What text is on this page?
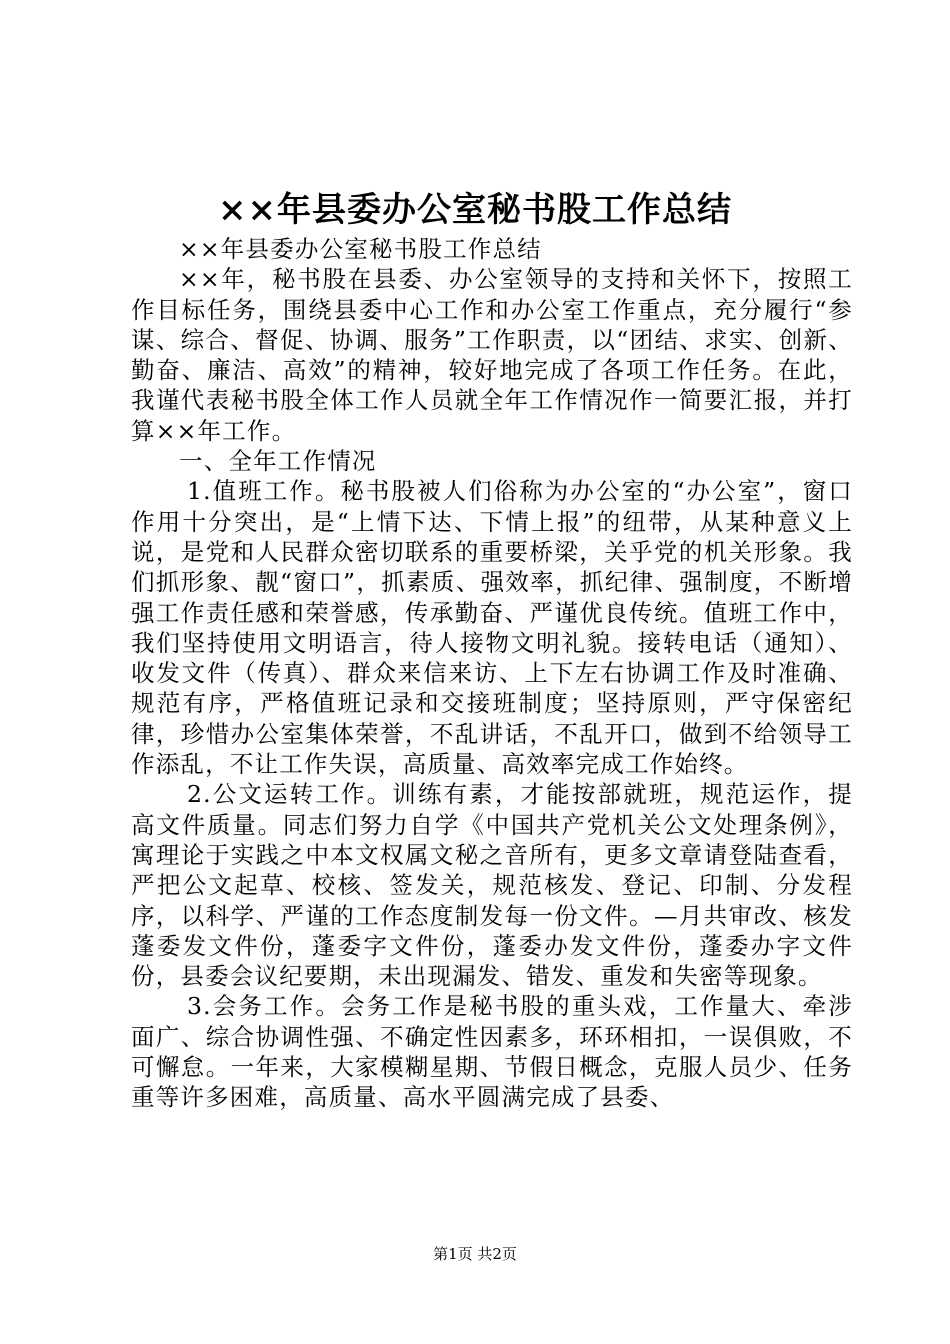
××年县委办公室秘书股工作总结

××年县委办公室秘书股工作总结

××年，秘书股在县委、办公室领导的支持和关怀下，按照工作目标任务，围绕县委中心工作和办公室工作重点，充分履行“参谋、综合、督促、协调、服务”工作职责，以“团结、求实、创新、勤奋、廉洁、高效”的精神，较好地完成了各项工作任务。在此，我谨代表秘书股全体工作人员就全年工作情况作一简要汇报，并打算××年工作。

一、全年工作情况

1.值班工作。秘书股被人们俗称为办公室的“办公室”，窗口作用十分突出，是“上情下达、下情上报”的纽带，从某种意义上说，是党和人民群众密切联系的重要桥梁，关乎党的机关形象。我们抓形象、靓“窗口”，抓素质、强效率，抓纪律、强制度，不断增强工作责任感和荣誉感，传承勤奋、严谨优良传统。值班工作中，我们坚持使用文明语言，待人接物文明礼貌。接转电话（通知）、收发文件（传真）、群众来信来访、上下左右协调工作及时准确、规范有序，严格值班记录和交接班制度；坚持原则，严守保密纪律，珍惜办公室集体荣誉，不乱讲话，不乱开口，做到不给领导工作添乱，不让工作失误，高质量、高效率完成工作始终。

2.公文运转工作。训练有素，才能按部就班，规范运作，提高文件质量。同志们努力自学《中国共产党机关公文处理条例》，寓理论于实践之中本文权属文秘之音所有，更多文章请登陆查看，严把公文起草、校核、签发关，规范核发、登记、印制、分发程序，以科学、严谨的工作态度制发每一份文件。—月共审改、核发蓬委发文件份，蓬委字文件份，蓬委办发文件份，蓬委办字文件份，县委会议纪要期，未出现漏发、错发、重发和失密等现象。

3.会务工作。会务工作是秘书股的重头戏，工作量大、牵涉面广、综合协调性强、不确定性因素多，环环相扣，一误俱败，不可懈怠。一年来，大家模糊星期、节假日概念，克服人员少、任务重等许多困难，高质量、高水平圆满完成了县委、

第1页 共2页
